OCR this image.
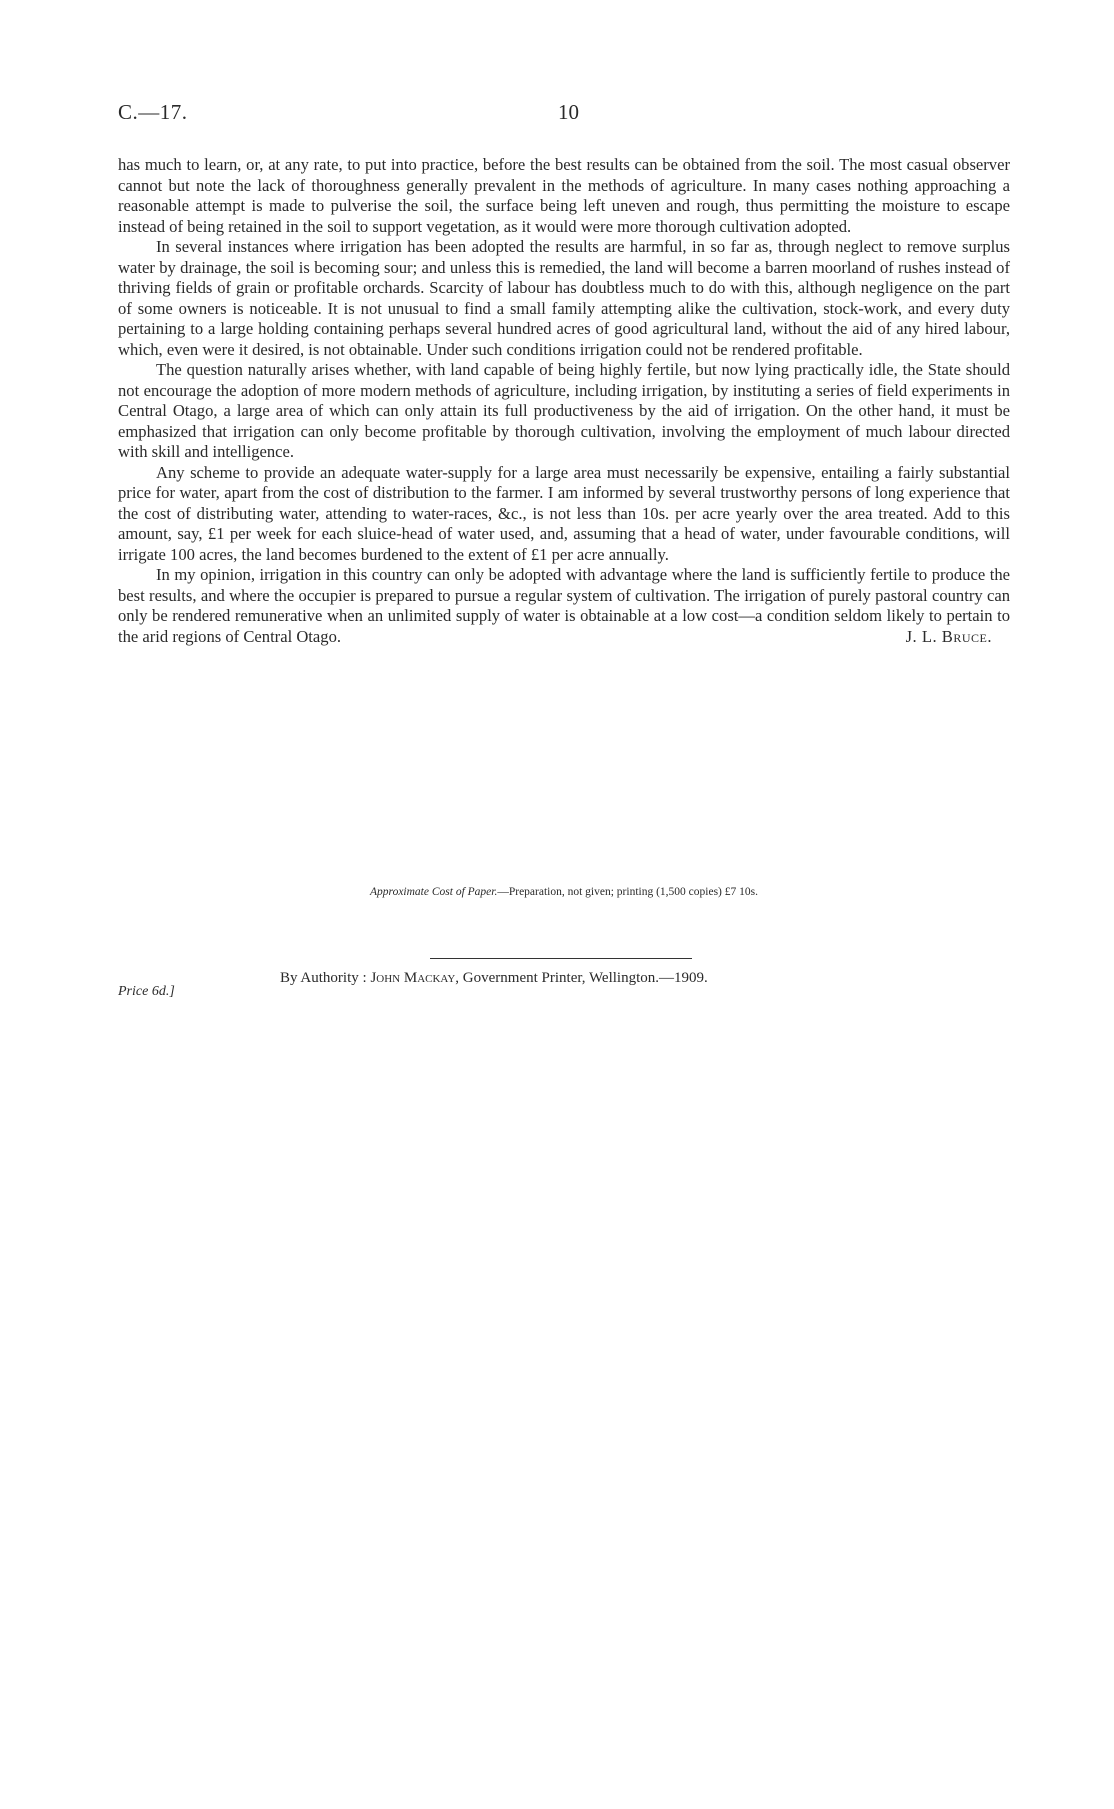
C.—17.	10

has much to learn, or, at any rate, to put into practice, before the best results can be obtained from the soil. The most casual observer cannot but note the lack of thoroughness generally prevalent in the methods of agriculture. In many cases nothing approaching a reasonable attempt is made to pulverise the soil, the surface being left uneven and rough, thus permitting the moisture to escape instead of being retained in the soil to support vegetation, as it would were more thorough cultivation adopted.

In several instances where irrigation has been adopted the results are harmful, in so far as, through neglect to remove surplus water by drainage, the soil is becoming sour; and unless this is remedied, the land will become a barren moorland of rushes instead of thriving fields of grain or profitable orchards. Scarcity of labour has doubtless much to do with this, although negligence on the part of some owners is noticeable. It is not unusual to find a small family attempting alike the cultivation, stock-work, and every duty pertaining to a large holding containing perhaps several hundred acres of good agricultural land, without the aid of any hired labour, which, even were it desired, is not obtainable. Under such conditions irrigation could not be rendered profitable.

The question naturally arises whether, with land capable of being highly fertile, but now lying practically idle, the State should not encourage the adoption of more modern methods of agriculture, including irrigation, by instituting a series of field experiments in Central Otago, a large area of which can only attain its full productiveness by the aid of irrigation. On the other hand, it must be emphasized that irrigation can only become profitable by thorough cultivation, involving the employment of much labour directed with skill and intelligence.

Any scheme to provide an adequate water-supply for a large area must necessarily be expensive, entailing a fairly substantial price for water, apart from the cost of distribution to the farmer. I am informed by several trustworthy persons of long experience that the cost of distributing water, attending to water-races, &c., is not less than 10s. per acre yearly over the area treated. Add to this amount, say, £1 per week for each sluice-head of water used, and, assuming that a head of water, under favourable conditions, will irrigate 100 acres, the land becomes burdened to the extent of £1 per acre annually.

In my opinion, irrigation in this country can only be adopted with advantage where the land is sufficiently fertile to produce the best results, and where the occupier is prepared to pursue a regular system of cultivation. The irrigation of purely pastoral country can only be rendered remunerative when an unlimited supply of water is obtainable at a low cost—a condition seldom likely to pertain to the arid regions of Central Otago.	J. L. Bruce.

Approximate Cost of Paper.—Preparation, not given; printing (1,500 copies) £7 10s.
By Authority : John Mackay, Government Printer, Wellington.—1909.
Price 6d.]
